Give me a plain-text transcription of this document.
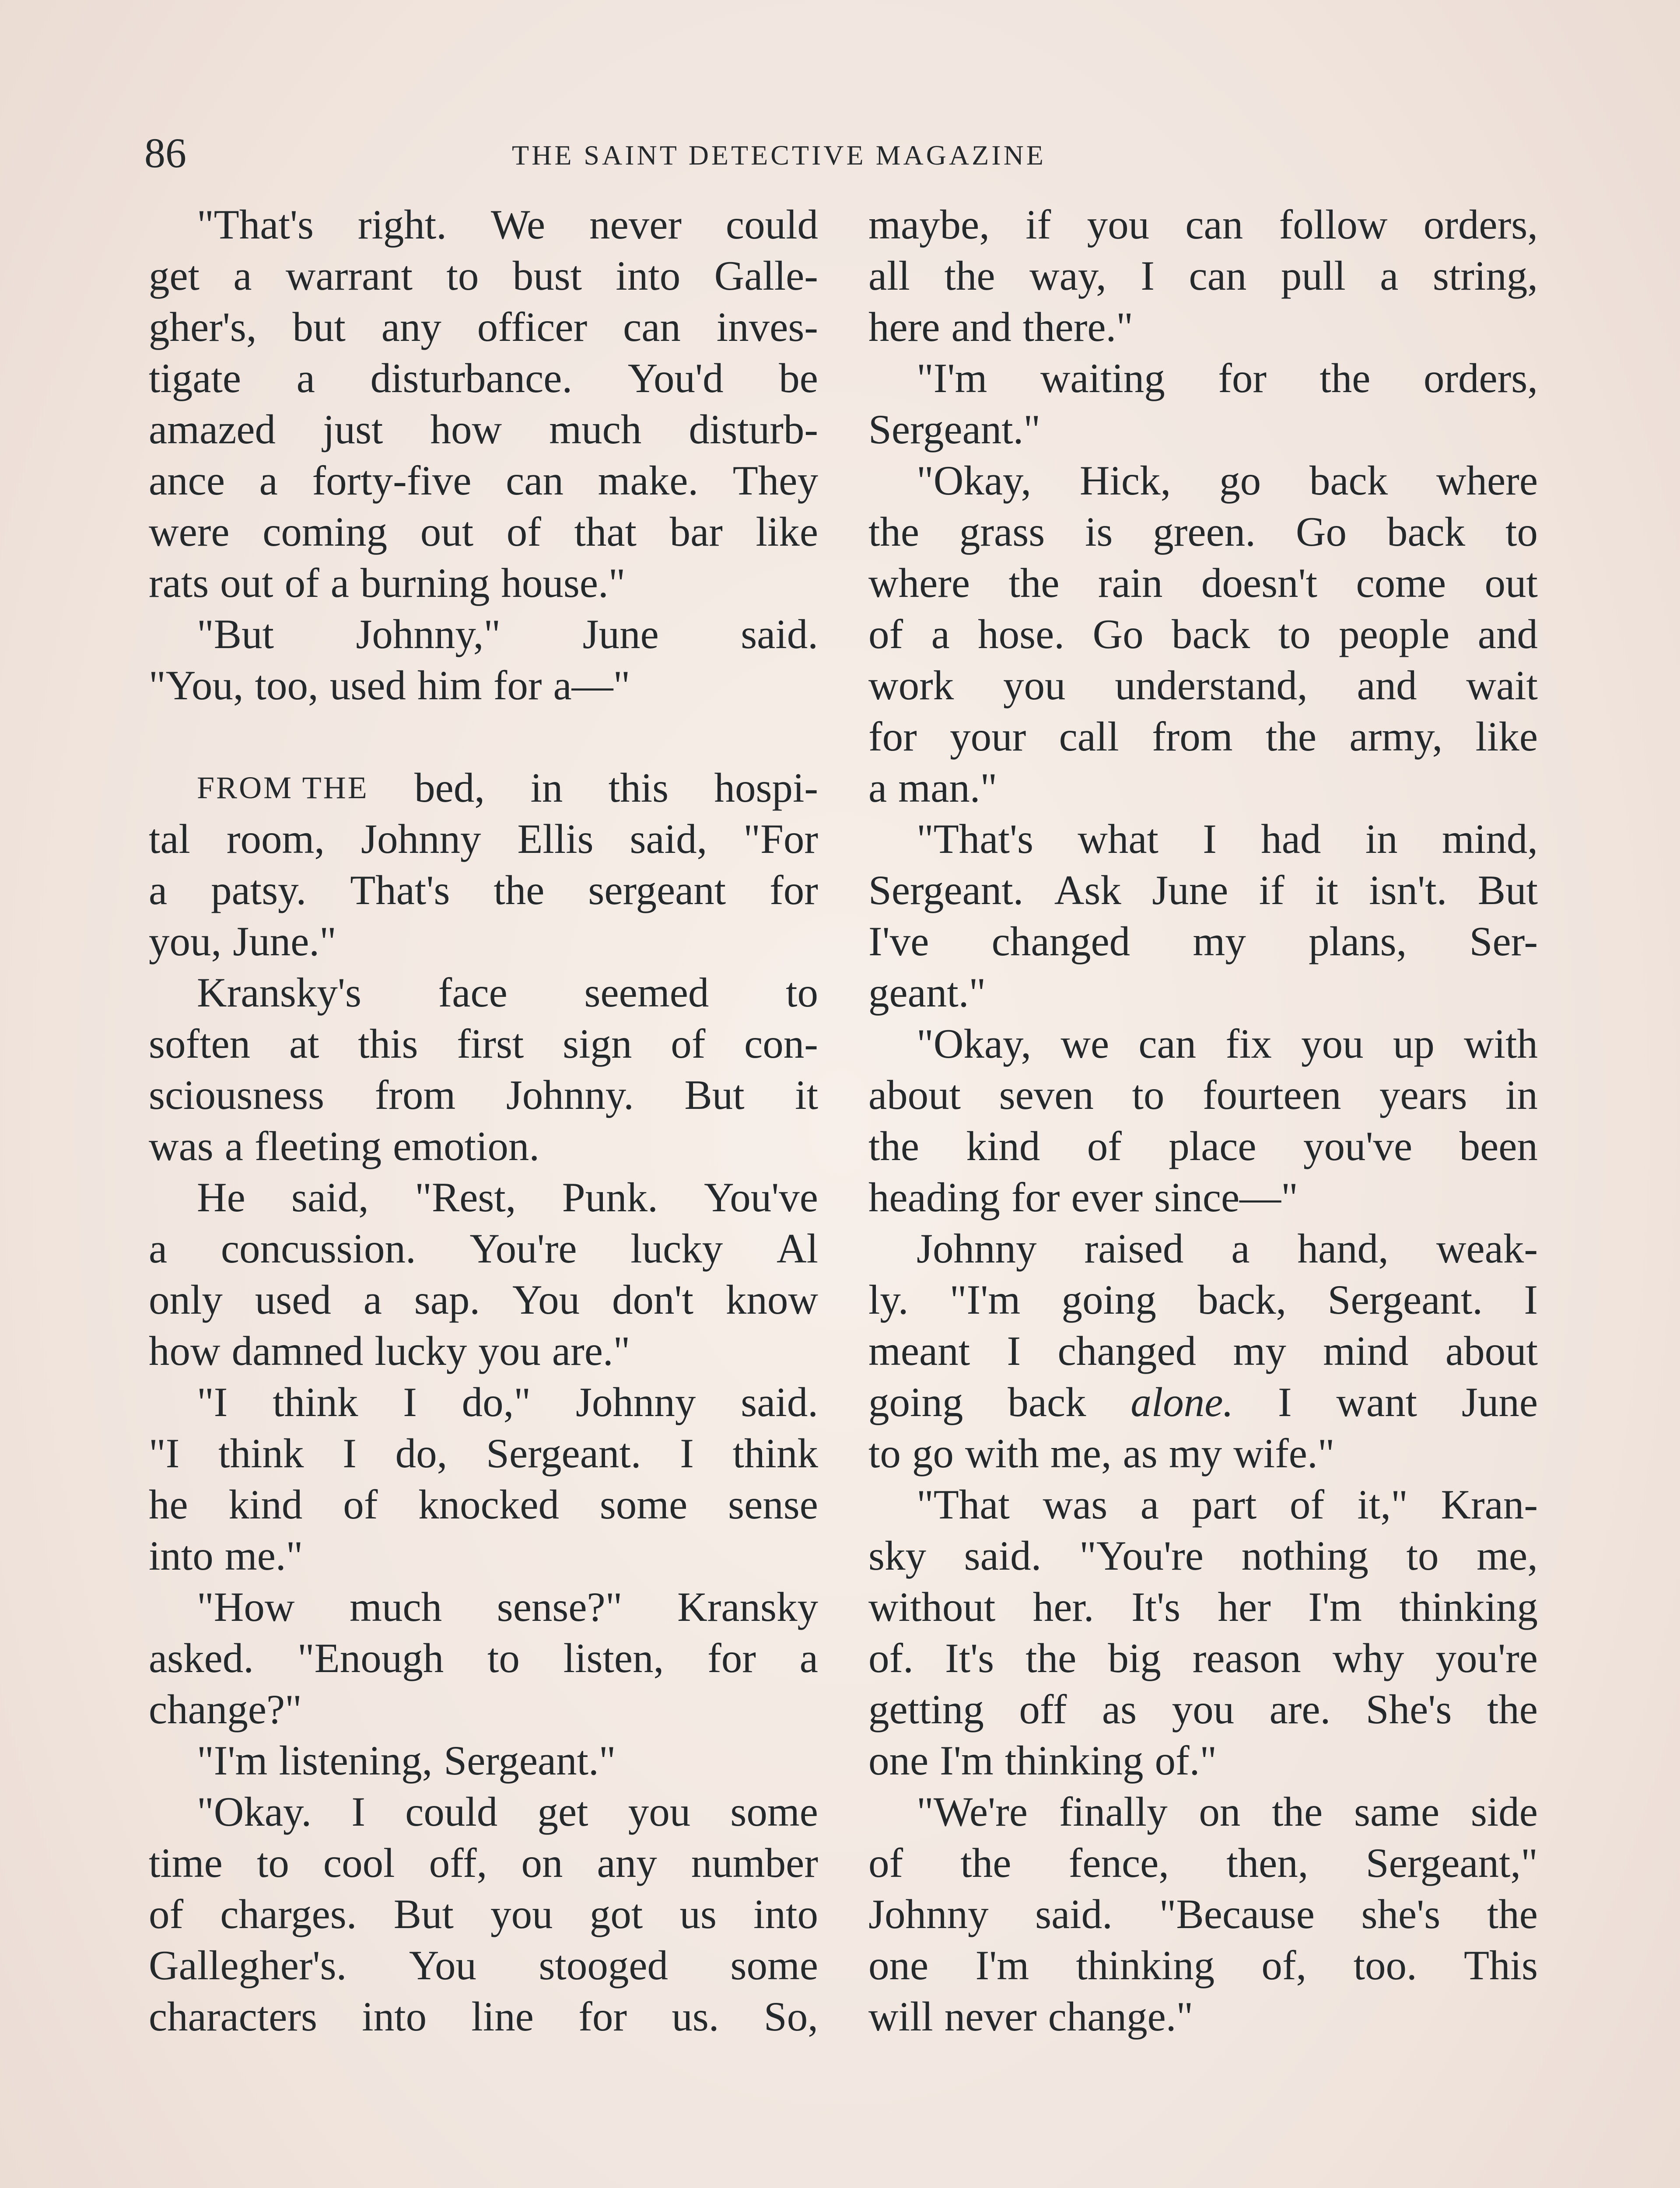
86	THE SAINT DETECTIVE MAGAZINE
"That's right. We never could
get a warrant to bust into Galle-
gher's, but any officer can inves-
tigate a disturbance. You'd be
amazed just how much disturb-
ance a forty-five can make. They
were coming out of that bar like
rats out of a burning house."
"But Johnny," June said.
"You, too, used him for a—"
FROM THE bed, in this hospi-
tal room, Johnny Ellis said, "For
a patsy. That's the sergeant for
you, June."
Kransky's face seemed to
soften at this first sign of con-
sciousness from Johnny. But it
was a fleeting emotion.
He said, "Rest, Punk. You've
a concussion. You're lucky Al
only used a sap. You don't know
how damned lucky you are."
"I think I do," Johnny said.
"I think I do, Sergeant. I think
he kind of knocked some sense
into me."
"How much sense?" Kransky
asked. "Enough to listen, for a
change?"
"I'm listening, Sergeant."
"Okay. I could get you some
time to cool off, on any number
of charges. But you got us into
Gallegher's. You stooged some
characters into line for us. So,
maybe, if you can follow orders,
all the way, I can pull a string,
here and there."
"I'm waiting for the orders,
Sergeant."
"Okay, Hick, go back where
the grass is green. Go back to
where the rain doesn't come out
of a hose. Go back to people and
work you understand, and wait
for your call from the army, like
a man."
"That's what I had in mind,
Sergeant. Ask June if it isn't. But
I've changed my plans, Ser-
geant."
"Okay, we can fix you up with
about seven to fourteen years in
the kind of place you've been
heading for ever since—"
Johnny raised a hand, weak-
ly. "I'm going back, Sergeant. I
meant I changed my mind about
going back alone. I want June
to go with me, as my wife."
"That was a part of it," Kran-
sky said. "You're nothing to me,
without her. It's her I'm thinking
of. It's the big reason why you're
getting off as you are. She's the
one I'm thinking of."
"We're finally on the same side
of the fence, then, Sergeant,"
Johnny said. "Because she's the
one I'm thinking of, too. This
will never change."
